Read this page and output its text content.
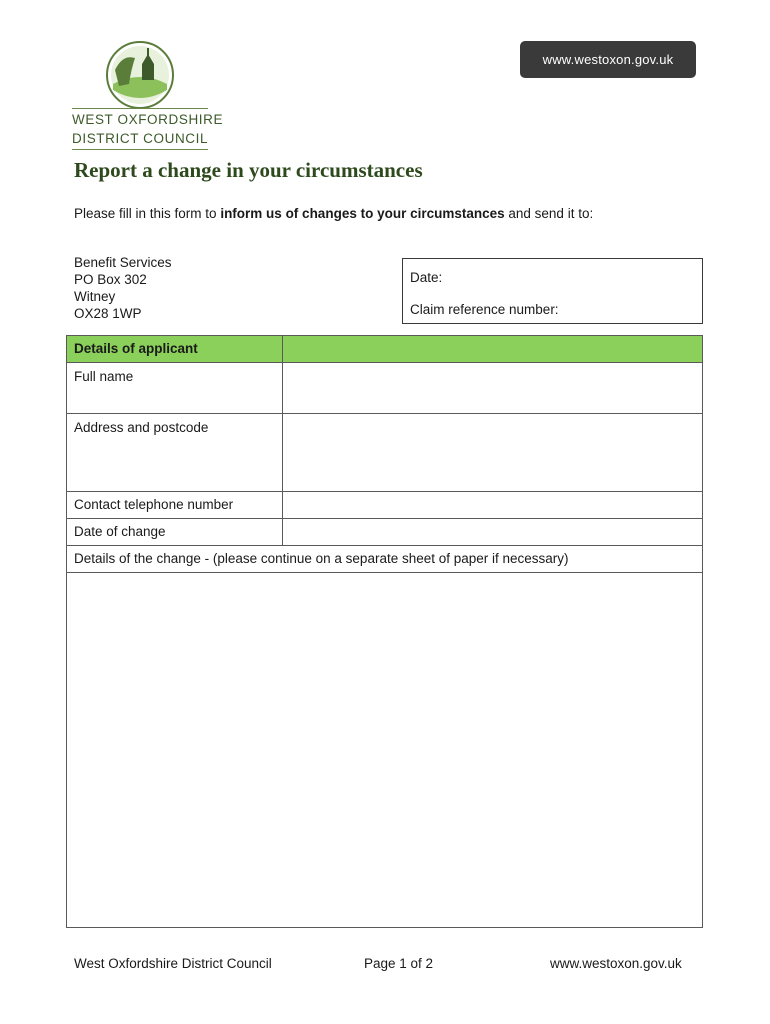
WEST OXFORDSHIRE
DISTRICT COUNCIL
www.westoxon.gov.uk
Report a change in your circumstances
Please fill in this form to inform us of changes to your circumstances and send it to:
Benefit Services
PO Box 302
Witney
OX28 1WP
Date:
Claim reference number:
Details of applicant	
Full name	
Address and postcode	
Contact telephone number	
Date of change	
Details of the change - (please continue on a separate sheet of paper if necessary)	

West Oxfordshire District Council	Page 1 of 2	www.westoxon.gov.uk
